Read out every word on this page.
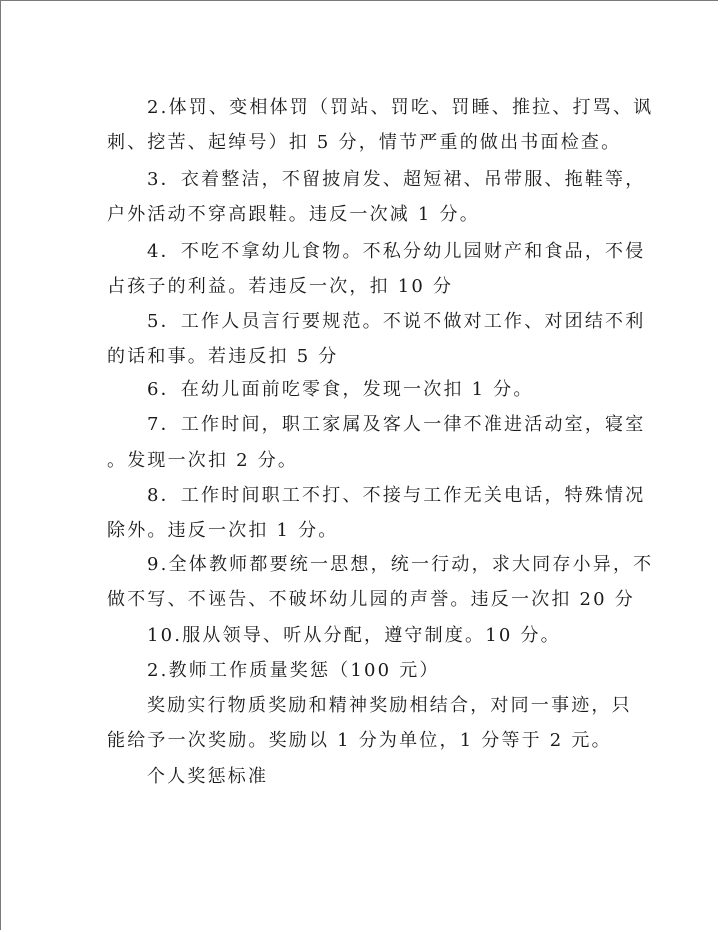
2.体罚、变相体罚（罚站、罚吃、罚睡、推拉、打骂、讽
刺、挖苦、起绰号）扣 5 分，情节严重的做出书面检查。
3．衣着整洁，不留披肩发、超短裙、吊带服、拖鞋等，
户外活动不穿高跟鞋。违反一次减 1 分。
4．不吃不拿幼儿食物。不私分幼儿园财产和食品，不侵
占孩子的利益。若违反一次，扣 10 分
5．工作人员言行要规范。不说不做对工作、对团结不利
的话和事。若违反扣 5 分
6．在幼儿面前吃零食，发现一次扣 1 分。
7．工作时间，职工家属及客人一律不准进活动室，寝室
。发现一次扣 2 分。
8．工作时间职工不打、不接与工作无关电话，特殊情况
除外。违反一次扣 1 分。
9.全体教师都要统一思想，统一行动，求大同存小异，不
做不写、不诬告、不破坏幼儿园的声誉。违反一次扣 20 分
10.服从领导、听从分配，遵守制度。10 分。
2.教师工作质量奖惩（100 元）
奖励实行物质奖励和精神奖励相结合，对同一事迹，只
能给予一次奖励。奖励以 1 分为单位，1 分等于 2 元。
个人奖惩标准
